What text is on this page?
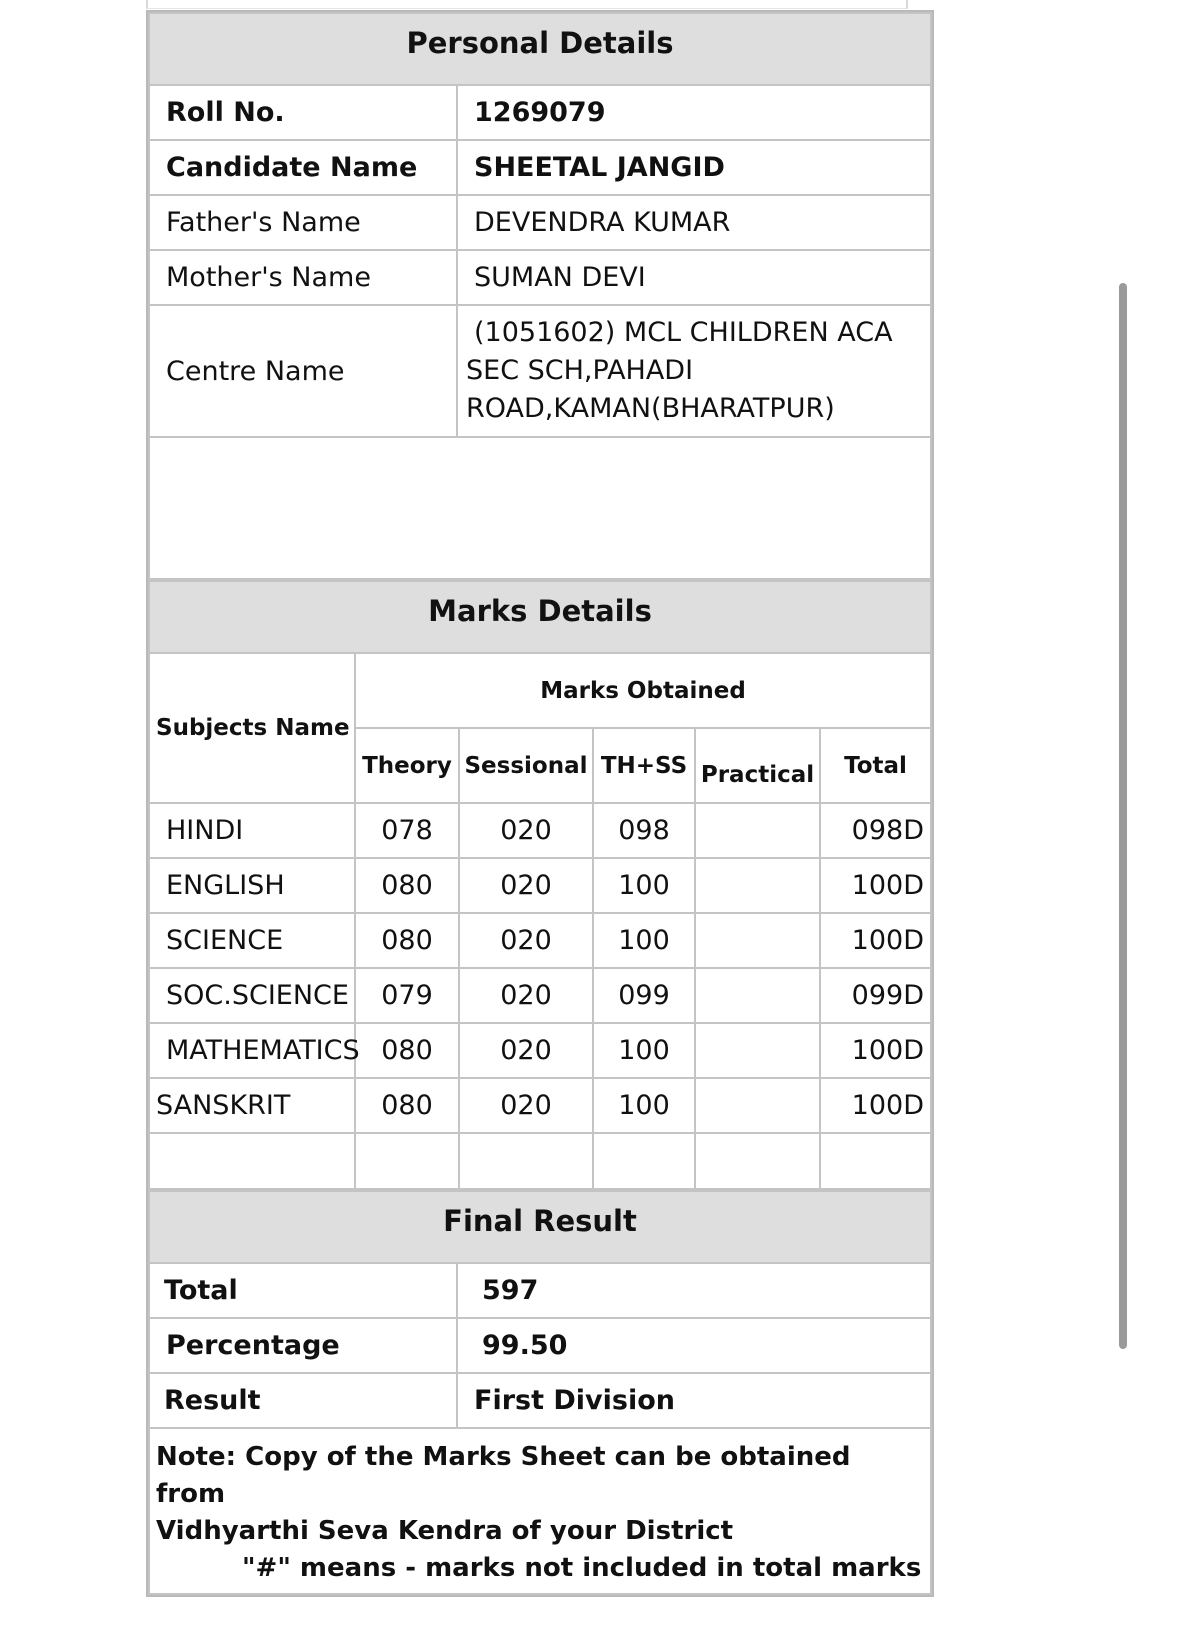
Personal Details	
Roll No.	1269079
Candidate Name	SHEETAL JANGID
Father's Name	DEVENDRA KUMAR
Mother's Name	SUMAN DEVI
Centre Name	(1051602) MCL CHILDREN ACA
SEC SCH,PAHADI
ROAD,KAMAN(BHARATPUR)

Marks Details					
Subjects Name	Marks Obtained				
	Theory	Sessional	TH+SS	Practical	Total
HINDI	078	020	098		098D
ENGLISH	080	020	100		100D
SCIENCE	080	020	100		100D
SOC.SCIENCE	079	020	099		099D
MATHEMATICS	080	020	100		100D
SANSKRIT	080	020	100		100D

Final Result	
Total	597
Percentage	99.50
Result	First Division

Note: Copy of the Marks Sheet can be obtained from
Vidhyarthi Seva Kendra of your District
"#" means - marks not included in total marks	
